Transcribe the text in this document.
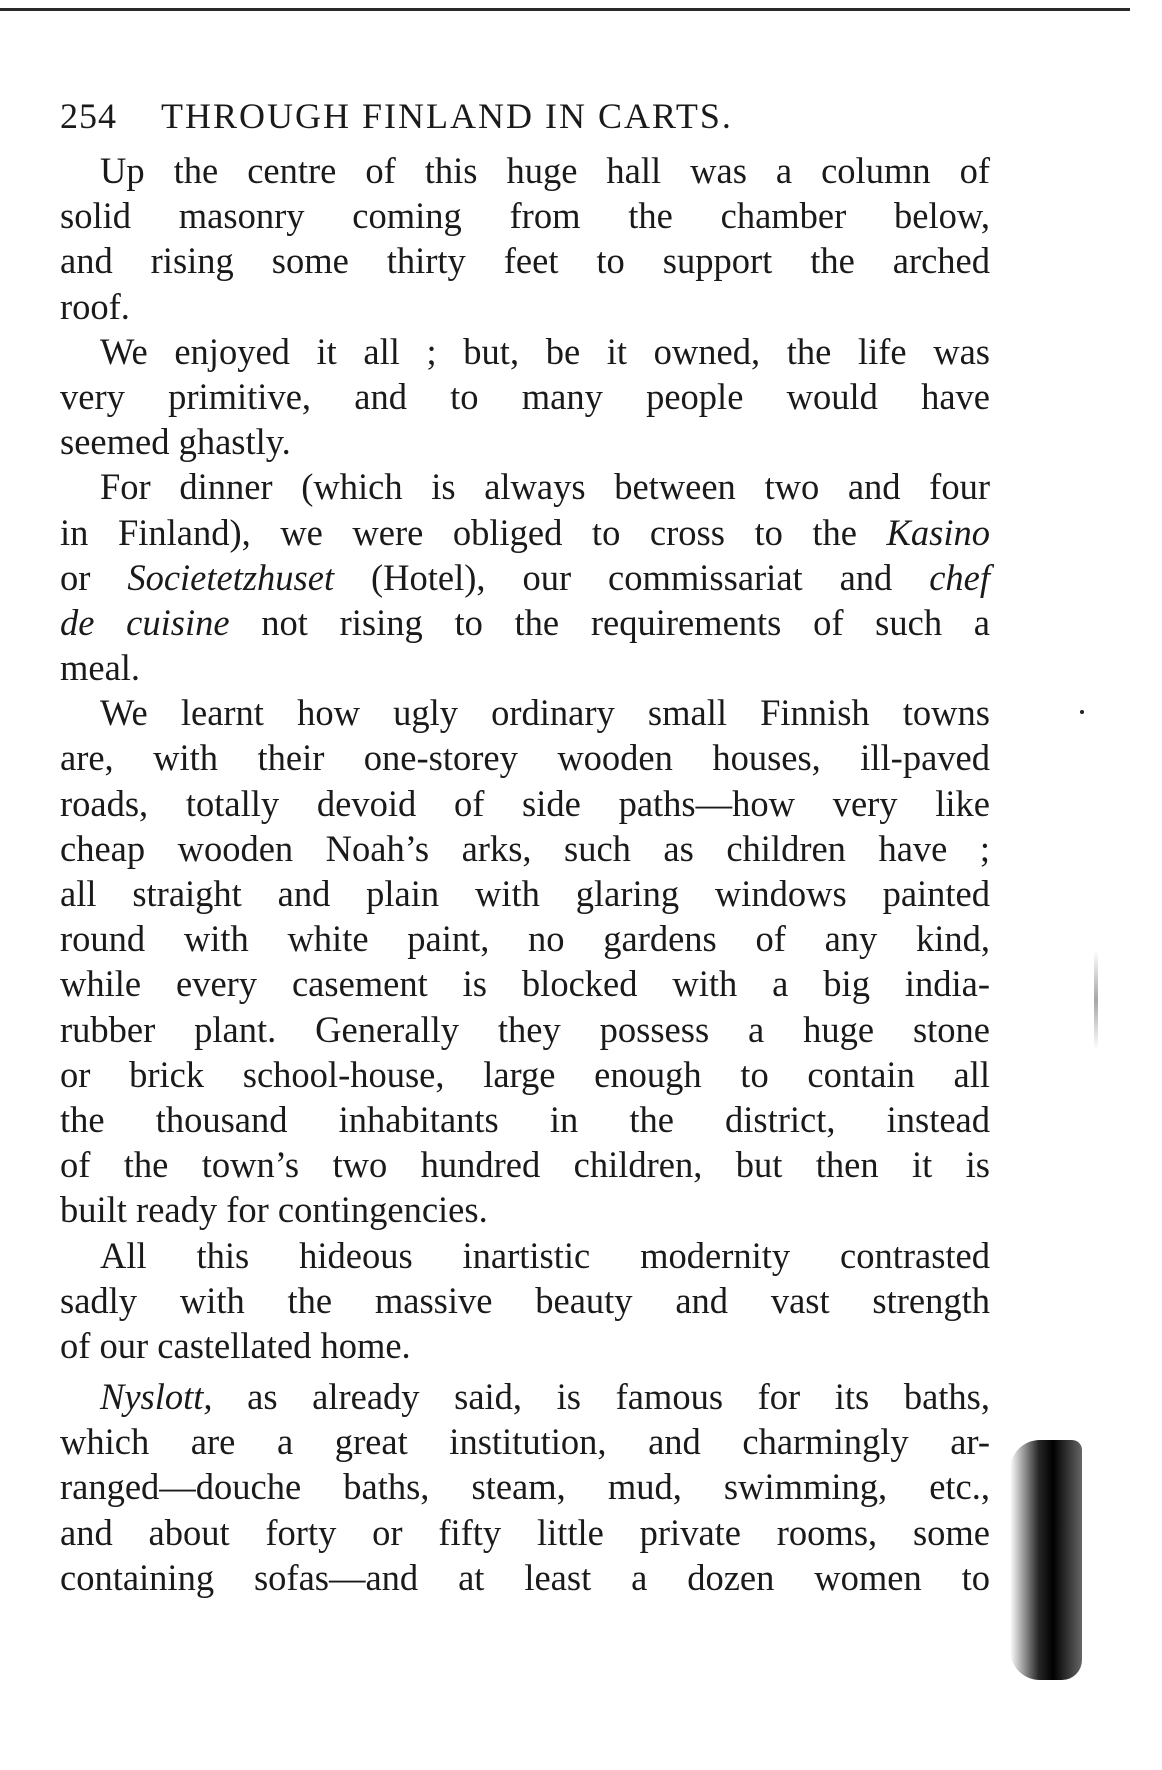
254 THROUGH FINLAND IN CARTS.
Up the centre of this huge hall was a column of
solid masonry coming from the chamber below,
and rising some thirty feet to support the arched
roof.
We enjoyed it all ; but, be it owned, the life was
very primitive, and to many people would have
seemed ghastly.
For dinner (which is always between two and four
in Finland), we were obliged to cross to the Kasino
or Societetzhuset (Hotel), our commissariat and chef
de cuisine not rising to the requirements of such a
meal.
We learnt how ugly ordinary small Finnish towns
are, with their one-storey wooden houses, ill-paved
roads, totally devoid of side paths—how very like
cheap wooden Noah’s arks, such as children have ;
all straight and plain with glaring windows painted
round with white paint, no gardens of any kind,
while every casement is blocked with a big india-
rubber plant. Generally they possess a huge stone
or brick school-house, large enough to contain all
the thousand inhabitants in the district, instead
of the town’s two hundred children, but then it is
built ready for contingencies.
All this hideous inartistic modernity contrasted
sadly with the massive beauty and vast strength
of our castellated home.
Nyslott, as already said, is famous for its baths,
which are a great institution, and charmingly ar-
ranged—douche baths, steam, mud, swimming, etc.,
and about forty or fifty little private rooms, some
containing sofas—and at least a dozen women to
